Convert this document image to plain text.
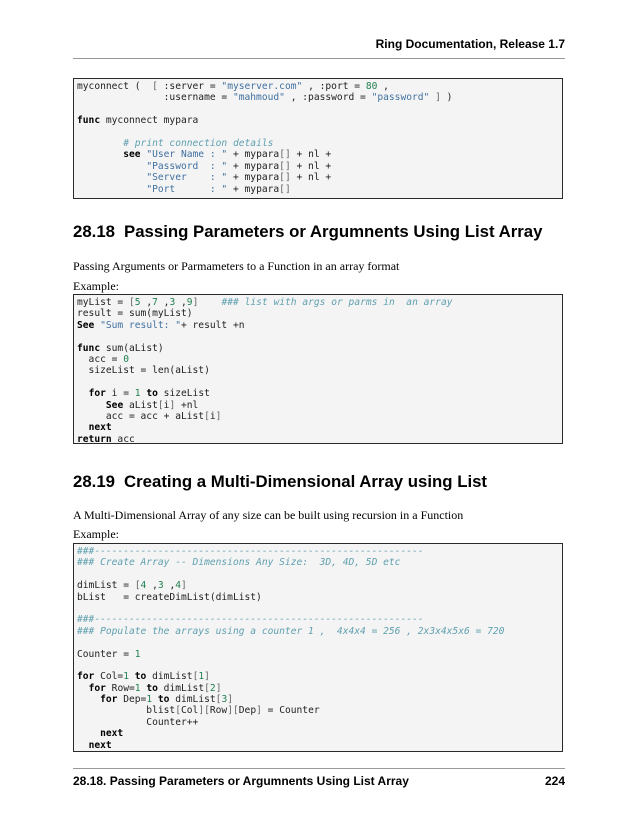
Ring Documentation, Release 1.7
myconnect (  [ :server = "myserver.com" , :port = 80 ,
:username = "mahmoud" , :password = "password" ] )
func myconnect mypara
# print connection details
see "User Name : " + mypara[] + nl +
"Password  : " + mypara[] + nl +
"Server    : " + mypara[] + nl +
"Port      : " + mypara[]
28.18 Passing Parameters or Argumnents Using List Array
Passing Arguments or Parmameters to a Function in an array format
Example:
myList = [5 ,7 ,3 ,9] ### list with args or parms in  an array
result = sum(myList)
See "Sum result: "+ result +n
func sum(aList)
acc = 0
sizeList = len(aList)
for i = 1 to sizeList
See aList[i] +nl
acc = acc + aList[i]
next
return acc
28.19 Creating a Multi-Dimensional Array using List
A Multi-Dimensional Array of any size can be built using recursion in a Function
Example:
###---------------------------------------------------------
### Create Array -- Dimensions Any Size:  3D, 4D, 5D etc
dimList = [4 ,3 ,4]
bList   = createDimList(dimList)
###---------------------------------------------------------
### Populate the arrays using a counter 1 ,  4x4x4 = 256 , 2x3x4x5x6 = 720
Counter = 1
for Col=1 to dimList[1]
for Row=1 to dimList[2]
for Dep=1 to dimList[3]
blist[Col][Row][Dep] = Counter
Counter++
next
next
28.18. Passing Parameters or Argumnents Using List Array	224
